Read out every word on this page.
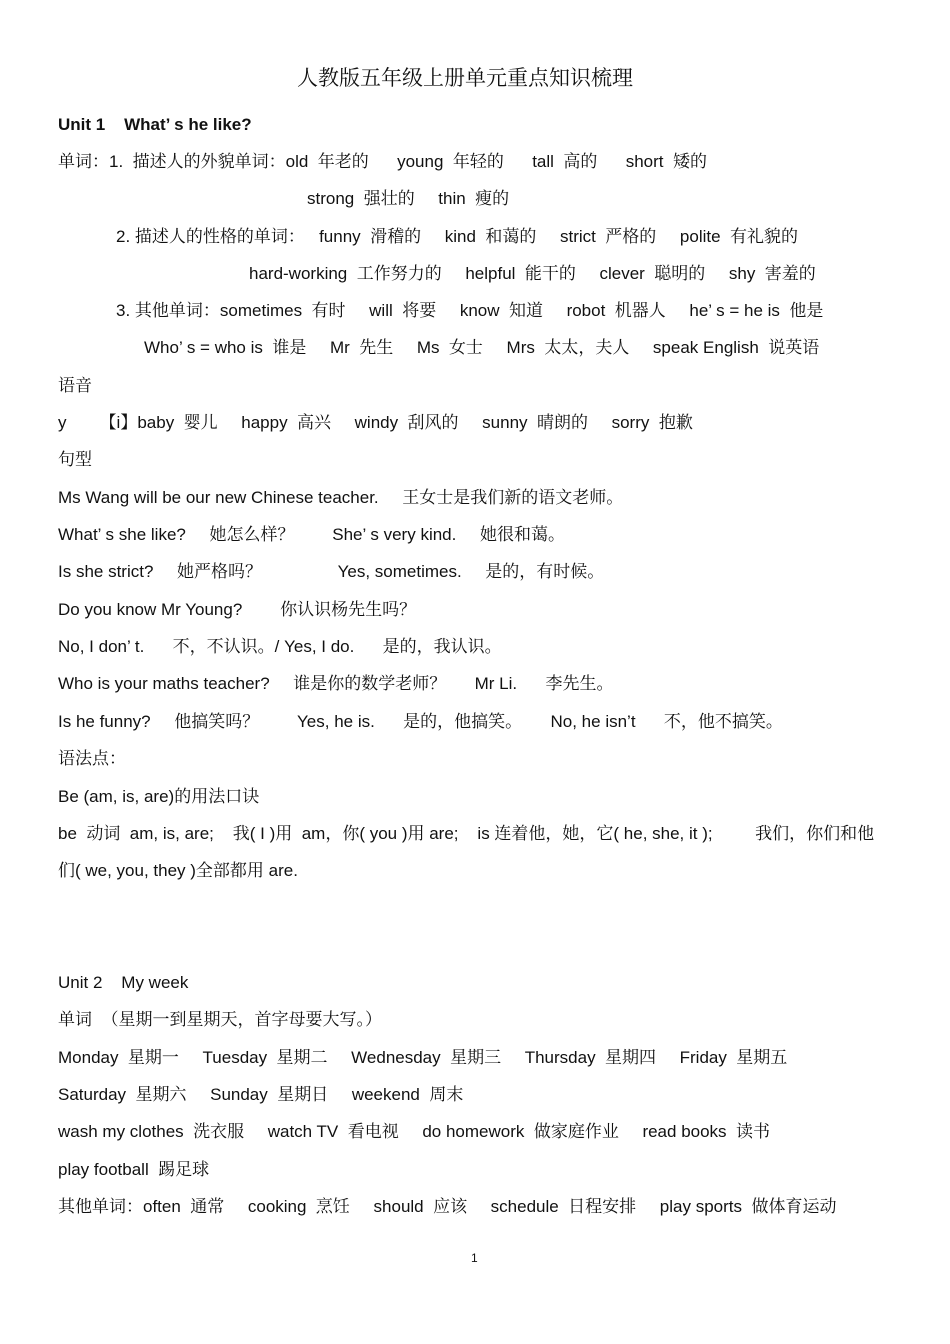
人教版五年级上册单元重点知识梳理
Unit 1    What’ s he like?
单词：1.  描述人的外貌单词：old  年老的      young  年轻的      tall  高的      short  矮的
strong  强壮的     thin  瘦的
2. 描述人的性格的单词：   funny  滑稽的     kind  和蔼的     strict  严格的     polite  有礼貌的
hard-working  工作努力的     helpful  能干的     clever  聪明的     shy  害羞的
3. 其他单词：sometimes  有时     will  将要     know  知道     robot  机器人     he’ s = he is  他是
Who’ s = who is  谁是     Mr  先生     Ms  女士     Mrs  太太，夫人     speak English  说英语
语音
y       【i】baby  婴儿     happy  高兴     windy  刮风的     sunny  晴朗的     sorry  抱歉
句型
Ms Wang will be our new Chinese teacher.     王女士是我们新的语文老师。
What’ s she like?     她怎么样？        She’ s very kind.     她很和蔼。
Is she strict?     她严格吗？                Yes, sometimes.     是的，有时候。
Do you know Mr Young?        你认识杨先生吗？
No, I don’ t.      不，不认识。/ Yes, I do.      是的，我认识。
Who is your maths teacher?     谁是你的数学老师？      Mr Li.      李先生。
Is he funny?     他搞笑吗？        Yes, he is.      是的，他搞笑。      No, he isn’t      不，他不搞笑。
语法点：
Be (am, is, are)的用法口诀
be  动词  am, is, are;    我( I )用  am，你( you )用 are;    is 连着他，她，它( he, she, it );         我们，你们和他
们( we, you, they )全部都用 are.
Unit 2    My week
单词  （星期一到星期天，首字母要大写。）
Monday  星期一     Tuesday  星期二     Wednesday  星期三     Thursday  星期四     Friday  星期五
Saturday  星期六     Sunday  星期日     weekend  周末
wash my clothes  洗衣服     watch TV  看电视     do homework  做家庭作业     read books  读书
play football  踢足球
其他单词：often  通常     cooking  烹饪     should  应该     schedule  日程安排     play sports  做体育运动
1
